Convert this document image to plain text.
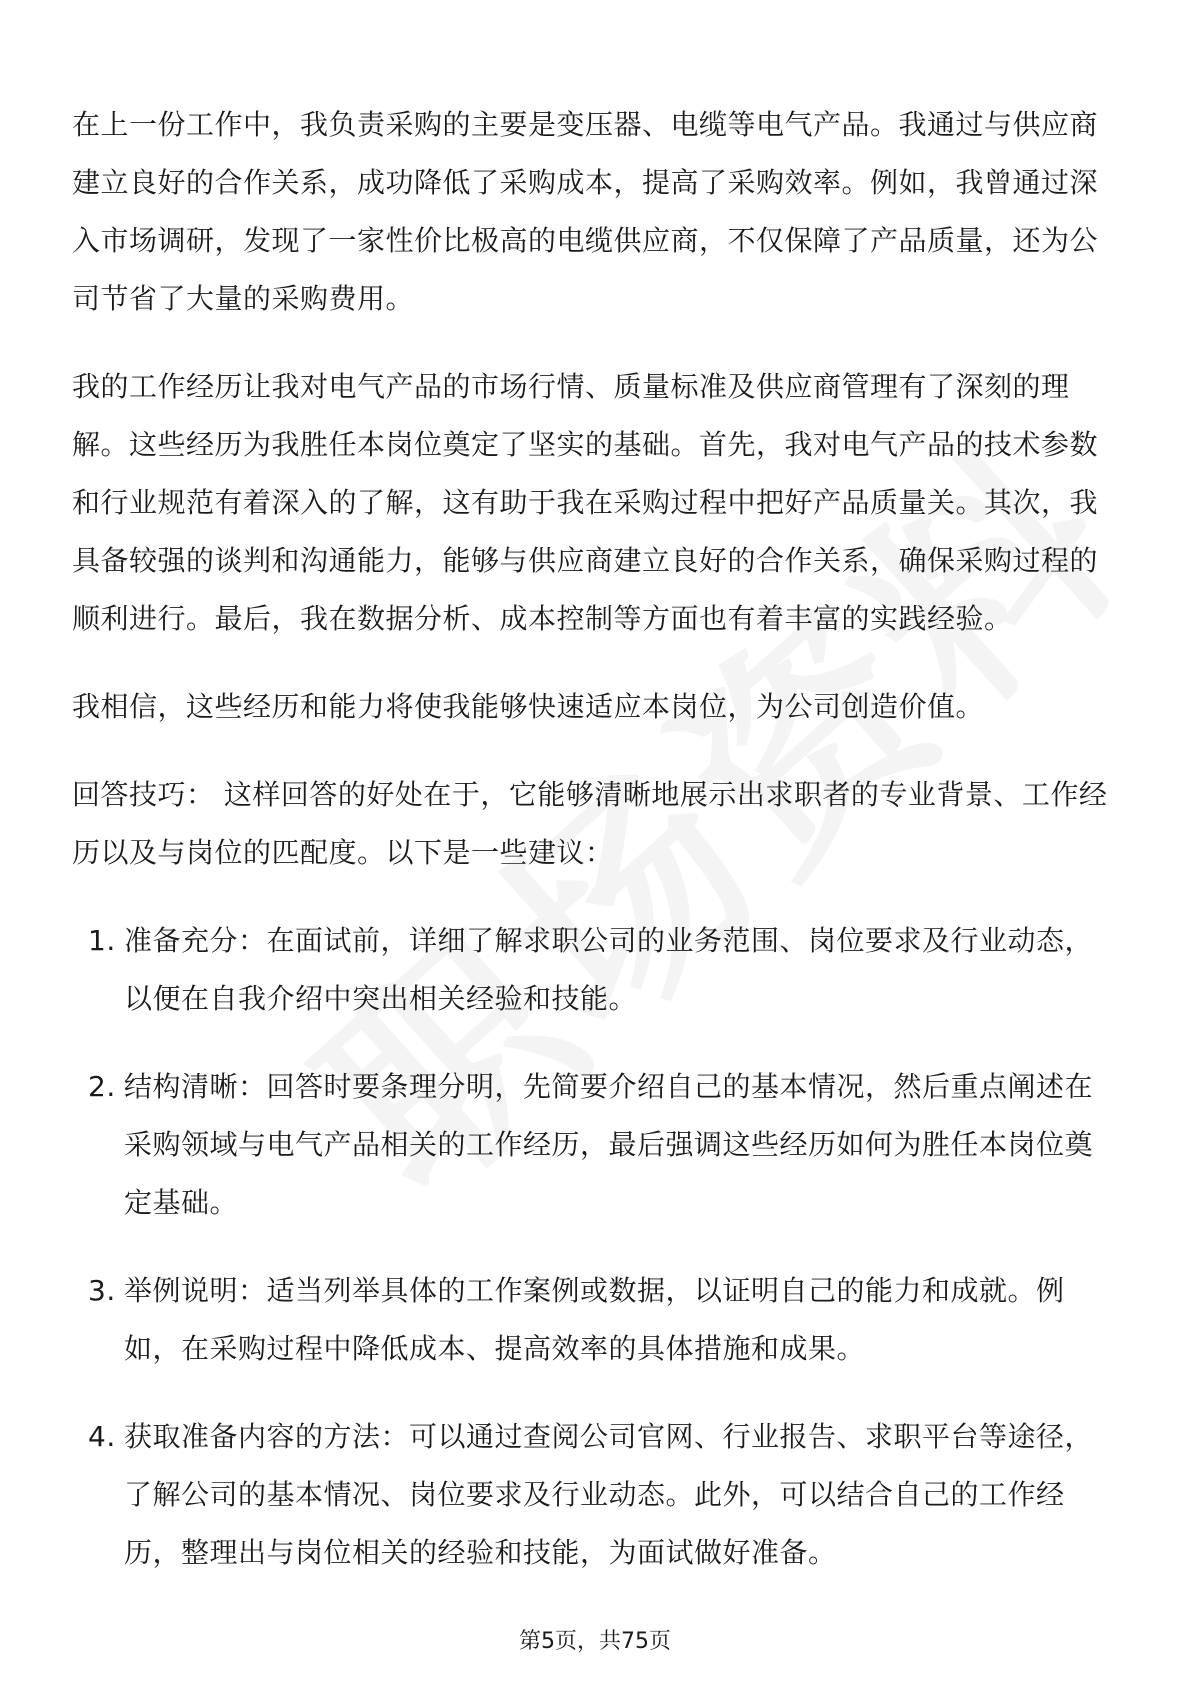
在上一份工作中，我负责采购的主要是变压器、电缆等电气产品。我通过与供应商建立良好的合作关系，成功降低了采购成本，提高了采购效率。例如，我曾通过深入市场调研，发现了一家性价比极高的电缆供应商，不仅保障了产品质量，还为公司节省了大量的采购费用。

我的工作经历让我对电气产品的市场行情、质量标准及供应商管理有了深刻的理解。这些经历为我胜任本岗位奠定了坚实的基础。首先，我对电气产品的技术参数和行业规范有着深入的了解，这有助于我在采购过程中把好产品质量关。其次，我具备较强的谈判和沟通能力，能够与供应商建立良好的合作关系，确保采购过程的顺利进行。最后，我在数据分析、成本控制等方面也有着丰富的实践经验。

我相信，这些经历和能力将使我能够快速适应本岗位，为公司创造价值。

回答技巧： 这样回答的好处在于，它能够清晰地展示出求职者的专业背景、工作经历以及与岗位的匹配度。以下是一些建议：

1. 准备充分：在面试前，详细了解求职公司的业务范围、岗位要求及行业动态，以便在自我介绍中突出相关经验和技能。
2. 结构清晰：回答时要条理分明，先简要介绍自己的基本情况，然后重点阐述在采购领域与电气产品相关的工作经历，最后强调这些经历如何为胜任本岗位奠定基础。
3. 举例说明：适当列举具体的工作案例或数据，以证明自己的能力和成就。例如，在采购过程中降低成本、提高效率的具体措施和成果。
4. 获取准备内容的方法：可以通过查阅公司官网、行业报告、求职平台等途径，了解公司的基本情况、岗位要求及行业动态。此外，可以结合自己的工作经历，整理出与岗位相关的经验和技能，为面试做好准备。
第5页，共75页
